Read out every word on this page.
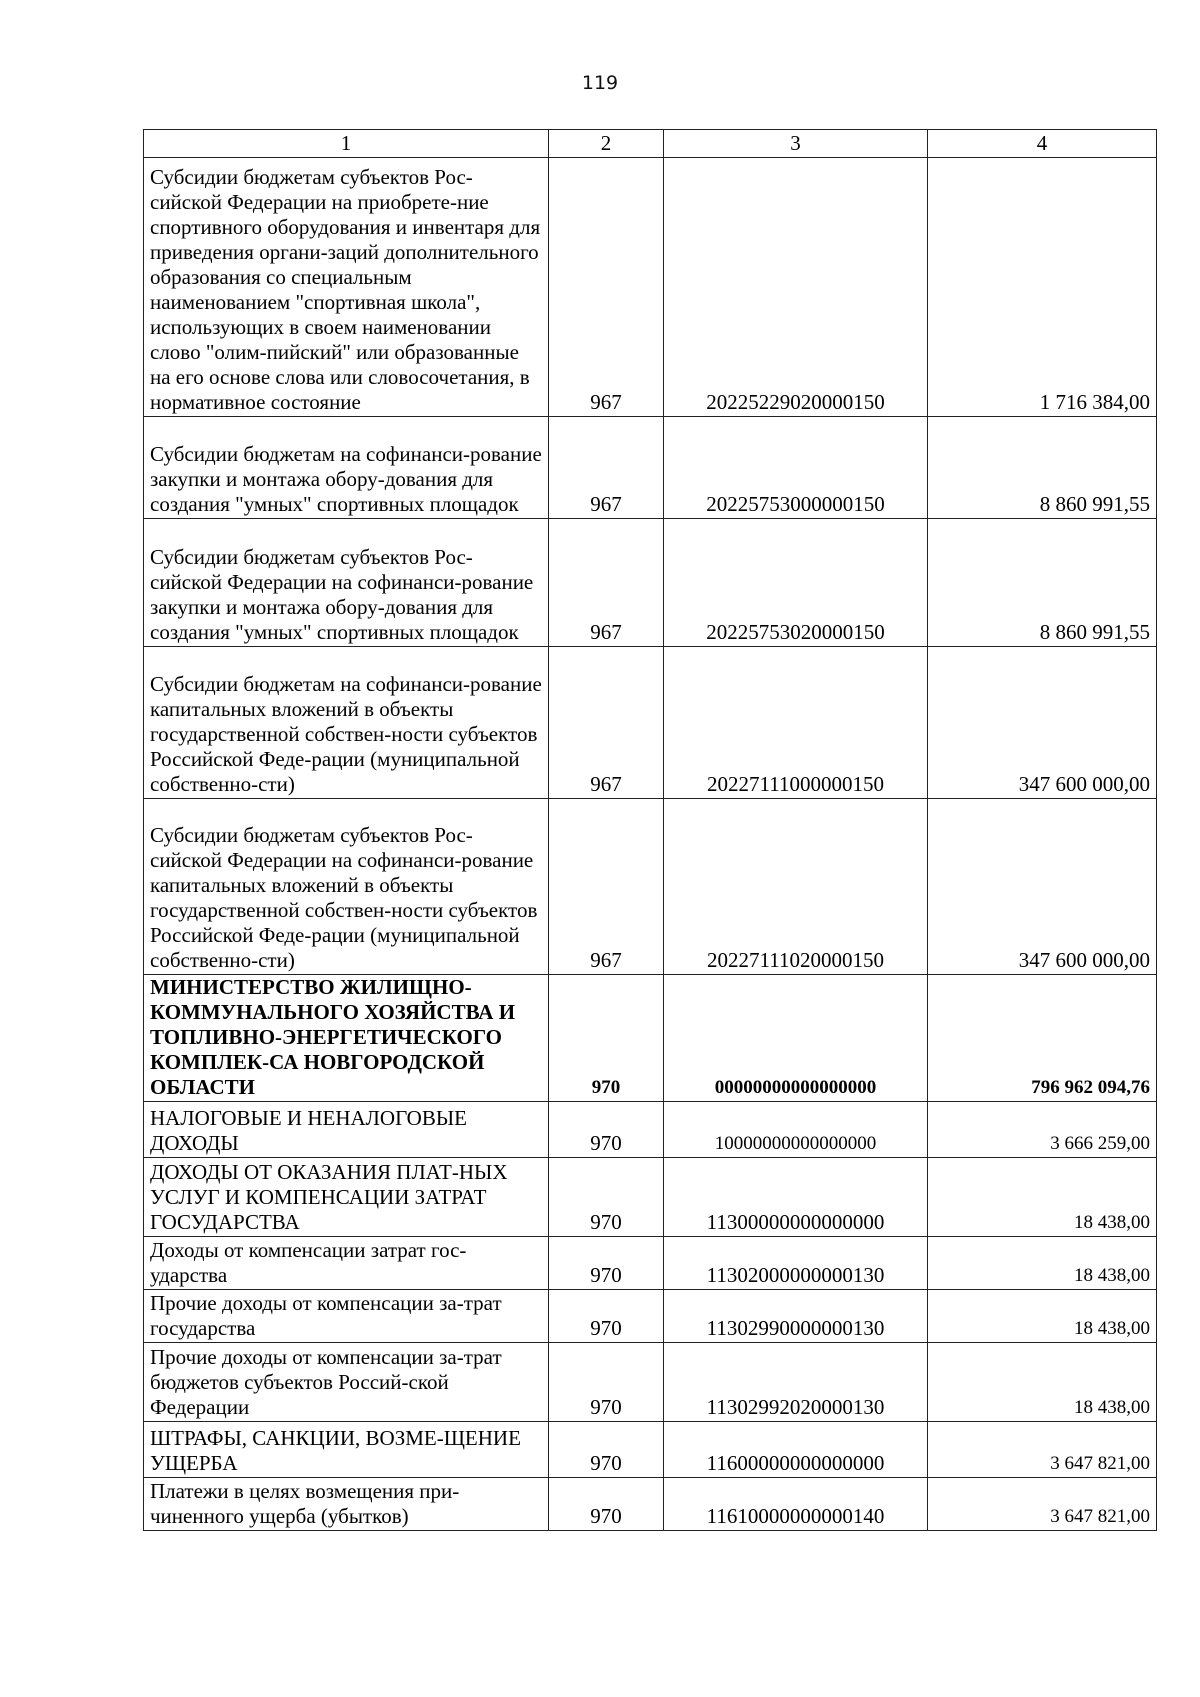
119
1	2	3	4
Субсидии бюджетам субъектов Рос-сийской Федерации на приобрете-ние спортивного оборудования и инвентаря для приведения органи-заций дополнительного образования со специальным наименованием "спортивная школа", использующих в своем наименовании слово "олим-пийский" или образованные на его основе слова или словосочетания, в нормативное состояние	967	20225229020000150	1 716 384,00
Субсидии бюджетам на софинанси-рование закупки и монтажа обору-дования для создания "умных" спортивных площадок	967	20225753000000150	8 860 991,55
Субсидии бюджетам субъектов Рос-сийской Федерации на софинанси-рование закупки и монтажа обору-дования для создания "умных" спортивных площадок	967	20225753020000150	8 860 991,55
Субсидии бюджетам на софинанси-рование капитальных вложений в объекты государственной собствен-ности субъектов Российской Феде-рации (муниципальной собственно-сти)	967	20227111000000150	347 600 000,00
Субсидии бюджетам субъектов Рос-сийской Федерации на софинанси-рование капитальных вложений в объекты государственной собствен-ности субъектов Российской Феде-рации (муниципальной собственно-сти)	967	20227111020000150	347 600 000,00
МИНИСТЕРСТВО ЖИЛИЩНО-КОММУНАЛЬНОГО ХОЗЯЙСТВА И ТОПЛИВНО-ЭНЕРГЕТИЧЕСКОГО КОМПЛЕК-СА НОВГОРОДСКОЙ ОБЛАСТИ	970	00000000000000000	796 962 094,76
НАЛОГОВЫЕ И НЕНАЛОГОВЫЕ ДОХОДЫ	970	10000000000000000	3 666 259,00
ДОХОДЫ ОТ ОКАЗАНИЯ ПЛАТ-НЫХ УСЛУГ И КОМПЕНСАЦИИ ЗАТРАТ ГОСУДАРСТВА	970	11300000000000000	18 438,00
Доходы от компенсации затрат гос-ударства	970	11302000000000130	18 438,00
Прочие доходы от компенсации за-трат государства	970	11302990000000130	18 438,00
Прочие доходы от компенсации за-трат бюджетов субъектов Россий-ской Федерации	970	11302992020000130	18 438,00
ШТРАФЫ, САНКЦИИ, ВОЗМЕ-ЩЕНИЕ УЩЕРБА	970	11600000000000000	3 647 821,00
Платежи в целях возмещения при-чиненного ущерба (убытков)	970	11610000000000140	3 647 821,00
